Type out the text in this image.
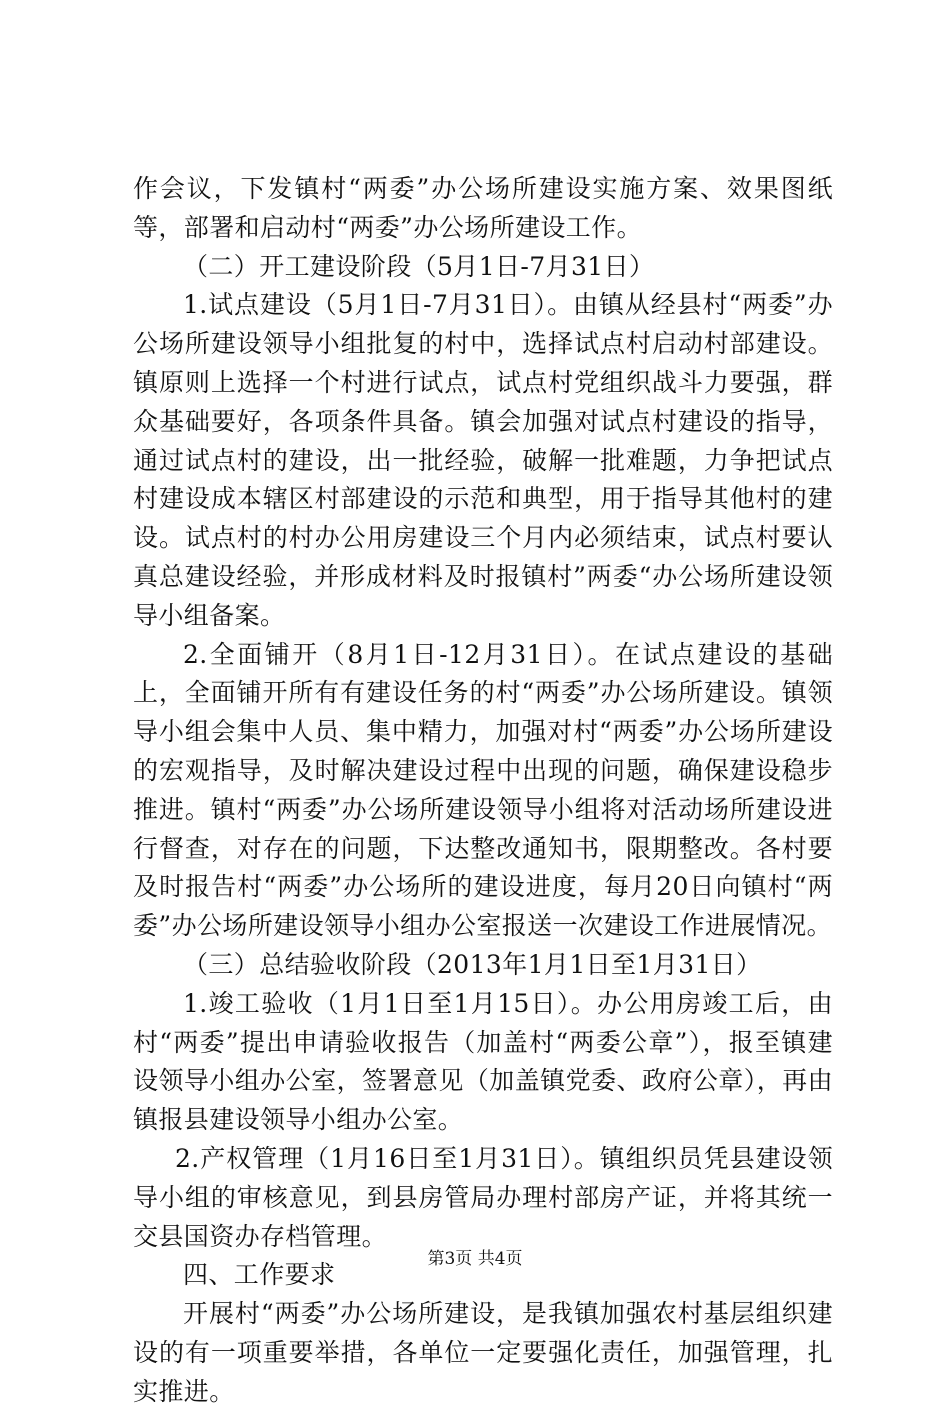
作会议，下发镇村“两委”办公场所建设实施方案、效果图纸等，部署和启动村“两委”办公场所建设工作。

（二）开工建设阶段（5月1日-7月31日）

1.试点建设（5月1日-7月31日）。由镇从经县村“两委”办公场所建设领导小组批复的村中，选择试点村启动村部建设。镇原则上选择一个村进行试点，试点村党组织战斗力要强，群众基础要好，各项条件具备。镇会加强对试点村建设的指导，通过试点村的建设，出一批经验，破解一批难题，力争把试点村建设成本辖区村部建设的示范和典型，用于指导其他村的建设。试点村的村办公用房建设三个月内必须结束，试点村要认真总建设经验，并形成材料及时报镇村”两委“办公场所建设领导小组备案。

2.全面铺开（8月1日-12月31日）。在试点建设的基础上，全面铺开所有有建设任务的村“两委”办公场所建设。镇领导小组会集中人员、集中精力，加强对村“两委”办公场所建设的宏观指导，及时解决建设过程中出现的问题，确保建设稳步推进。镇村“两委”办公场所建设领导小组将对活动场所建设进行督查，对存在的问题，下达整改通知书，限期整改。各村要及时报告村“两委”办公场所的建设进度，每月20日向镇村“两委”办公场所建设领导小组办公室报送一次建设工作进展情况。

（三）总结验收阶段（2013年1月1日至1月31日）

1.竣工验收（1月1日至1月15日）。办公用房竣工后，由村“两委”提出申请验收报告（加盖村“两委公章”），报至镇建设领导小组办公室，签署意见（加盖镇党委、政府公章），再由镇报县建设领导小组办公室。

2.产权管理（1月16日至1月31日）。镇组织员凭县建设领导小组的审核意见，到县房管局办理村部房产证，并将其统一交县国资办存档管理。

四、工作要求

开展村“两委”办公场所建设，是我镇加强农村基层组织建设的有一项重要举措，各单位一定要强化责任，加强管理，扎实推进。

第3页 共4页
